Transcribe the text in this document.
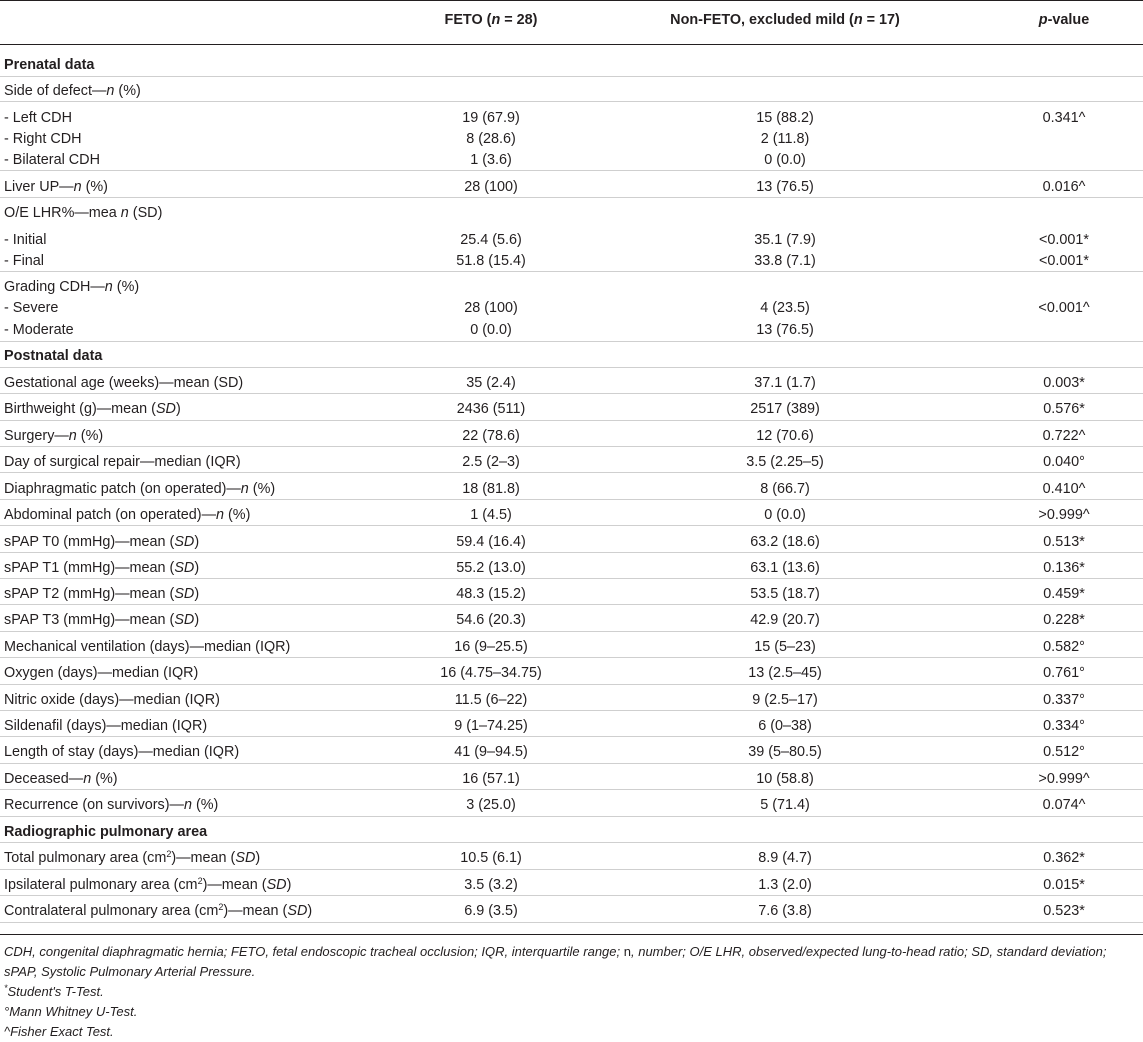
FETO (n = 28)	Non-FETO, excluded mild (n = 17)	p-value
Prenatal data
Side of defect—n (%)
- Left CDH	19 (67.9)	15 (88.2)	0.341^
- Right CDH	8 (28.6)	2 (11.8)
- Bilateral CDH	1 (3.6)	0 (0.0)
Liver UP—n (%)	28 (100)	13 (76.5)	0.016^
O/E LHR%—mea n (SD)
- Initial	25.4 (5.6)	35.1 (7.9)	<0.001*
- Final	51.8 (15.4)	33.8 (7.1)	<0.001*
Grading CDH—n (%)
- Severe	28 (100)	4 (23.5)	<0.001^
- Moderate	0 (0.0)	13 (76.5)
Postnatal data
Gestational age (weeks)—mean (SD)	35 (2.4)	37.1 (1.7)	0.003*
Birthweight (g)—mean (SD)	2436 (511)	2517 (389)	0.576*
Surgery—n (%)	22 (78.6)	12 (70.6)	0.722^
Day of surgical repair—median (IQR)	2.5 (2–3)	3.5 (2.25–5)	0.040°
Diaphragmatic patch (on operated)—n (%)	18 (81.8)	8 (66.7)	0.410^
Abdominal patch (on operated)—n (%)	1 (4.5)	0 (0.0)	>0.999^
sPAP T0 (mmHg)—mean (SD)	59.4 (16.4)	63.2 (18.6)	0.513*
sPAP T1 (mmHg)—mean (SD)	55.2 (13.0)	63.1 (13.6)	0.136*
sPAP T2 (mmHg)—mean (SD)	48.3 (15.2)	53.5 (18.7)	0.459*
sPAP T3 (mmHg)—mean (SD)	54.6 (20.3)	42.9 (20.7)	0.228*
Mechanical ventilation (days)—median (IQR)	16 (9–25.5)	15 (5–23)	0.582°
Oxygen (days)—median (IQR)	16 (4.75–34.75)	13 (2.5–45)	0.761°
Nitric oxide (days)—median (IQR)	11.5 (6–22)	9 (2.5–17)	0.337°
Sildenafil (days)—median (IQR)	9 (1–74.25)	6 (0–38)	0.334°
Length of stay (days)—median (IQR)	41 (9–94.5)	39 (5–80.5)	0.512°
Deceased—n (%)	16 (57.1)	10 (58.8)	>0.999^
Recurrence (on survivors)—n (%)	3 (25.0)	5 (71.4)	0.074^
Radiographic pulmonary area
Total pulmonary area $(cm^2)—mean$ (SD)	10.5 (6.1)	8.9 (4.7)	0.362*
Ipsilateral pulmonary area $(cm^2)—mean$ (SD)	3.5 (3.2)	1.3 (2.0)	0.015*
Contralateral pulmonary area $(cm^2)—mean$ (SD)	6.9 (3.5)	7.6 (3.8)	0.523*
CDH, congenital diaphragmatic hernia; FETO, fetal endoscopic tracheal occlusion; IQR, interquartile range; n, number; O/E LHR, observed/expected lung-to-head ratio; SD, standard deviation; sPAP, Systolic Pulmonary Arterial Pressure.
*Student's T-Test.
°Mann Whitney U-Test.
^Fisher Exact Test.
